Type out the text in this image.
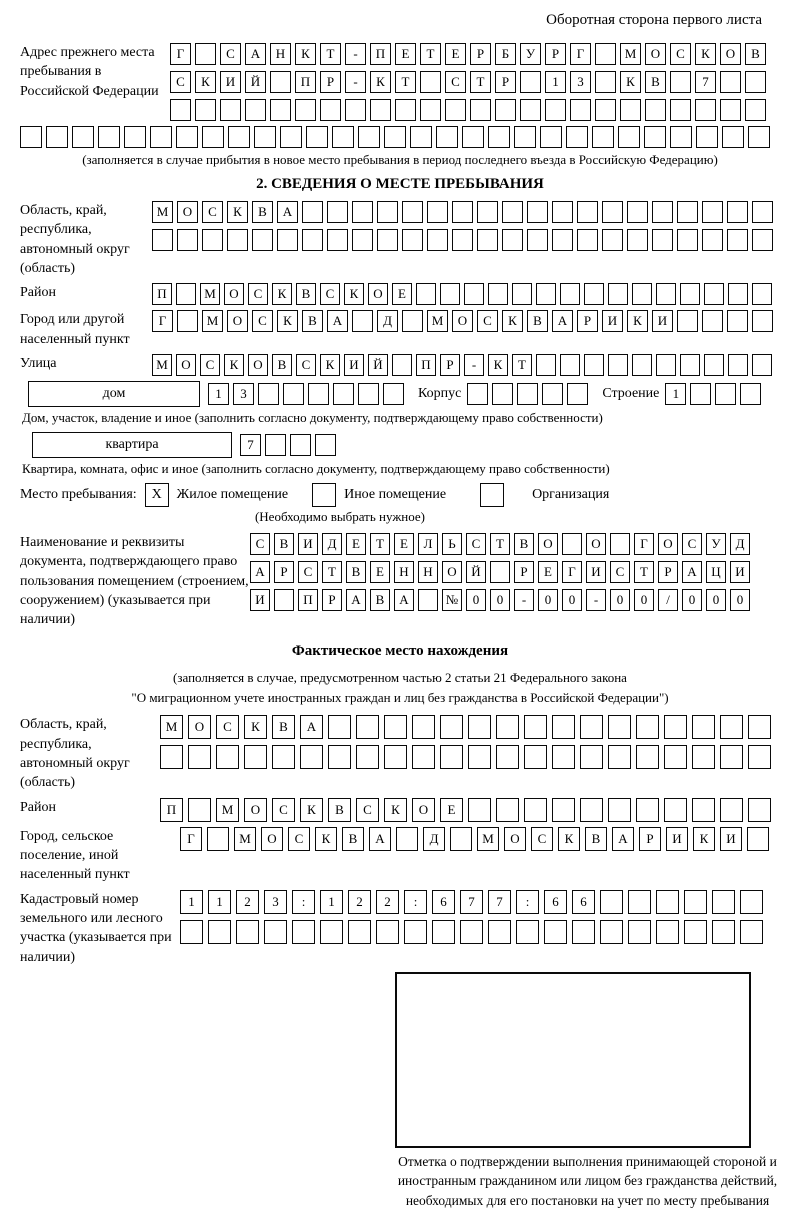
Оборотная сторона первого листа
Адрес прежнего места пребывания в Российской Федерации
Г	С	А	Н	К	Т	-	П	Е	Т	Е	Р	Б	У	Р	Г	М	О	С	К	О	В
С	К	И	Й	П	Р	-	К	Т	С	Т	Р	1	3	К	В	7
(заполняется в случае прибытия в новое место пребывания в период последнего въезда в Российскую Федерацию)
2. СВЕДЕНИЯ О МЕСТЕ ПРЕБЫВАНИЯ
Область, край, республика, автономный округ (область)
М	О	С	К	В	А
Район	П	М	О	С	К	В	С	К	О	Е
Город или другой населенный пункт
Г	М	О	С	К	В	А	Д	М	О	С	К	В	А	Р	И	К	И
Улица	М	О	С	К	О	В	С	К	И	Й	П	Р	-	К	Т
дом	1	3	Корпус	Строение	1
Дом, участок, владение и иное (заполнить согласно документу, подтверждающему право собственности)
квартира	7
Квартира, комната, офис и иное (заполнить согласно документу, подтверждающему право собственности)
Место пребывания:	X	Жилое помещение	Иное помещение	Организация
(Необходимо выбрать нужное)
Наименование и реквизиты документа, подтверждающего право пользования помещением (строением, сооружением) (указывается при наличии)
С	В	И	Д	Е	Т	Е	Л	Ь	С	Т	В	О	О	Г	О	С	У	Д
А	Р	С	Т	В	Е	Н	Н	О	Й	Р	Е	Г	И	С	Т	Р	А	Ц	И
И	П	Р	А	В	А	№	0	0	-	0	0	-	0	0	/	0	0	0
Фактическое место нахождения
(заполняется в случае, предусмотренном частью 2 статьи 21 Федерального закона
"О миграционном учете иностранных граждан и лиц без гражданства в Российской Федерации")
Область, край, республика, автономный округ (область)
М	О	С	К	В	А
Район	П	М	О	С	К	В	С	К	О	Е
Город, сельское поселение, иной населенный пункт
Г	М	О	С	К	В	А	Д	М	О	С	К	В	А	Р	И	К	И
Кадастровый номер земельного или лесного участка (указывается при наличии)
1	1	2	3	:	1	2	2	:	6	7	7	:	6	6
Отметка о подтверждении выполнения принимающей стороной и иностранным гражданином или лицом без гражданства действий, необходимых для его постановки на учет по месту пребывания
